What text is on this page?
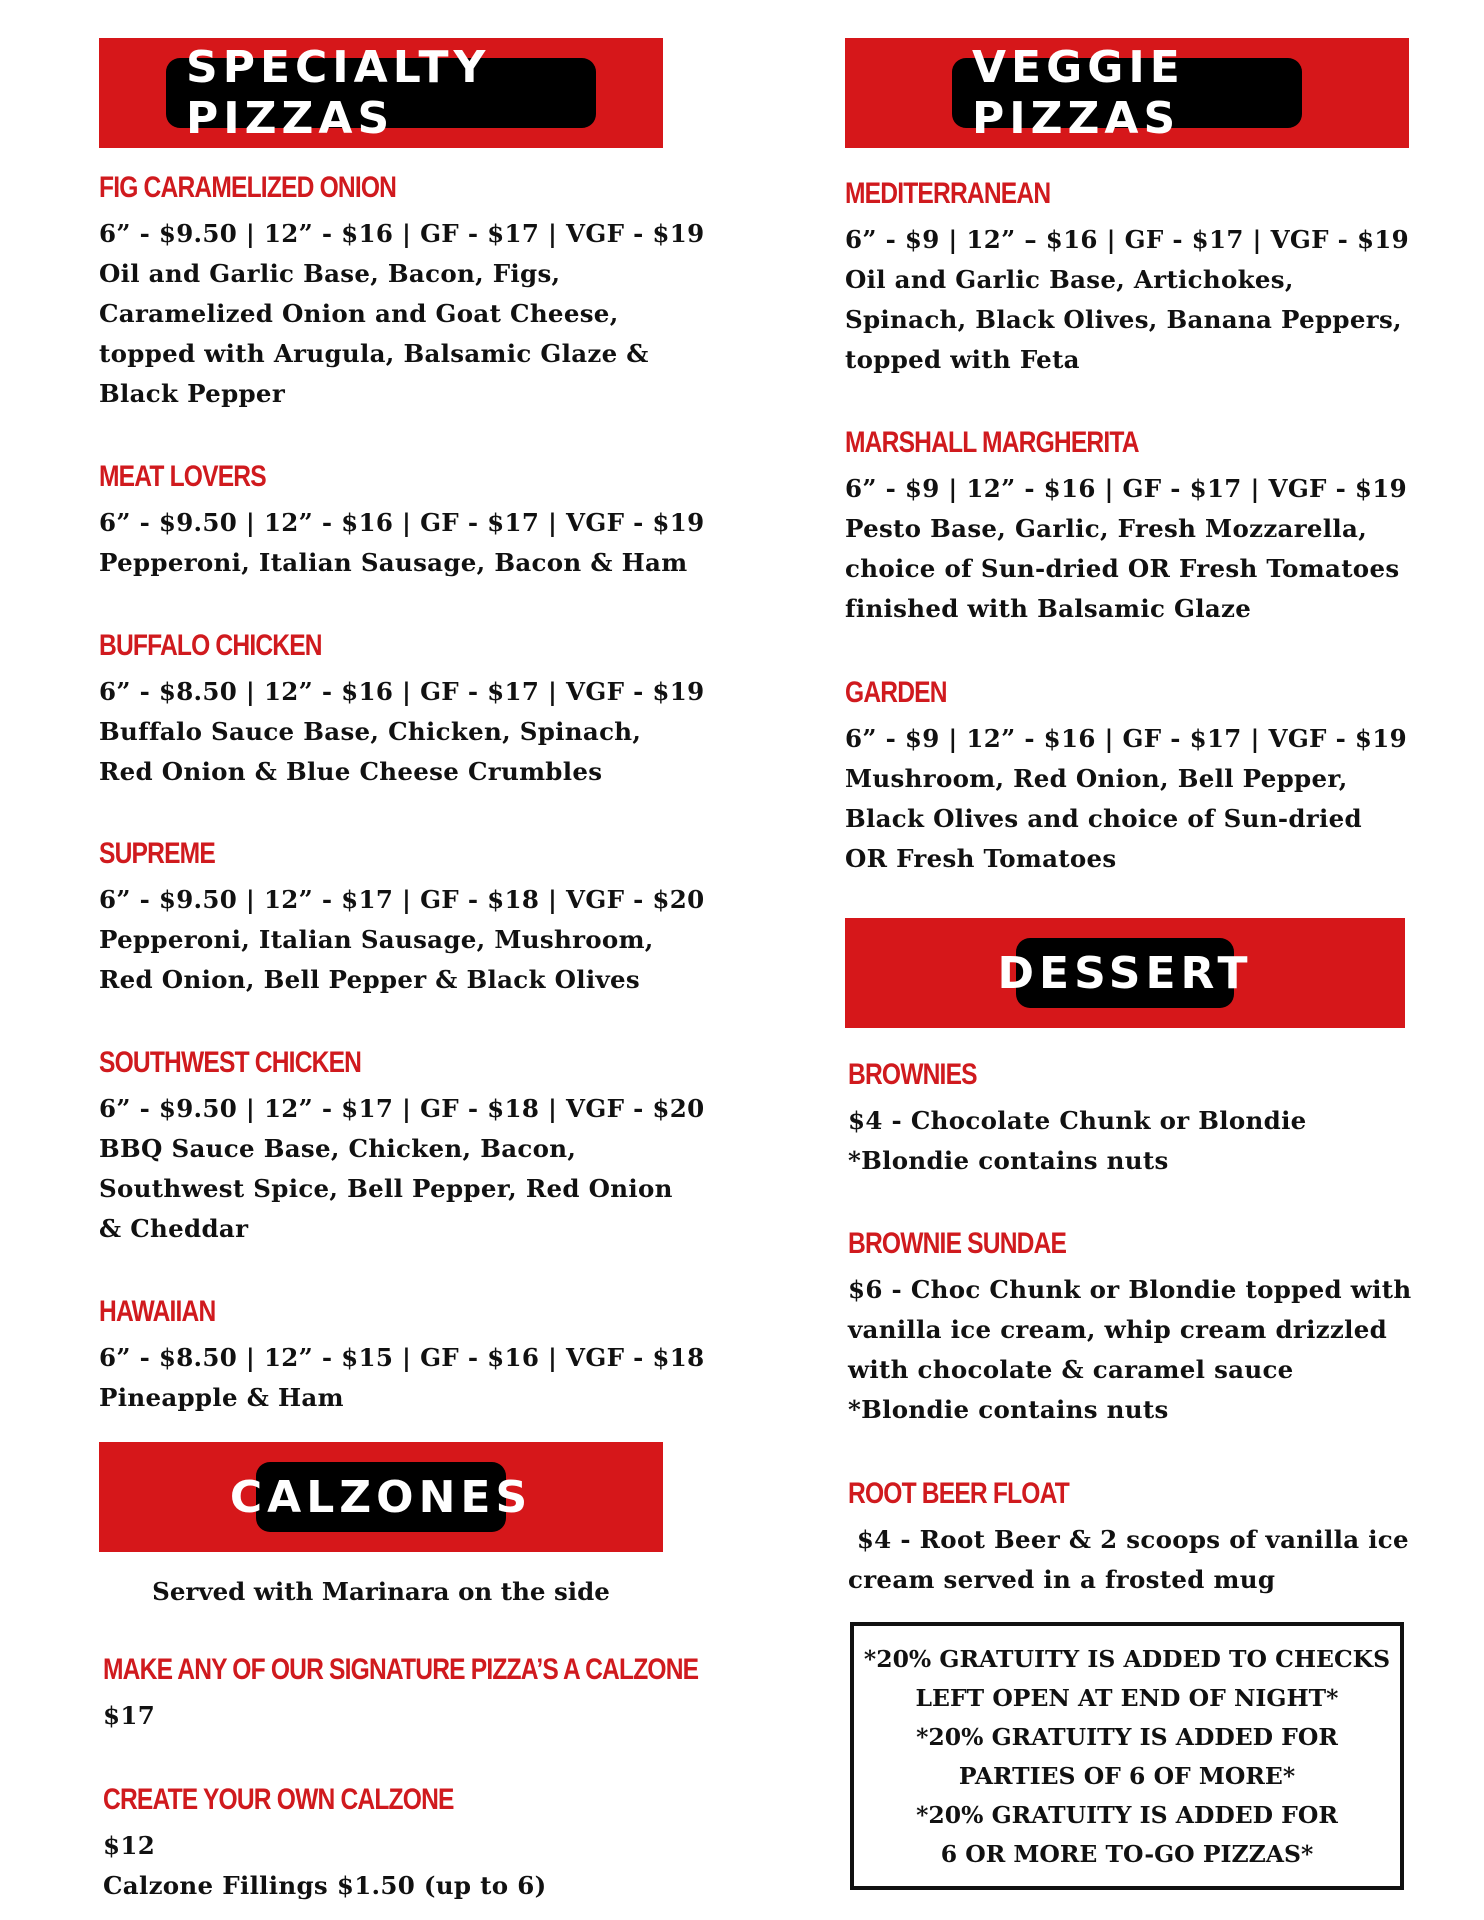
SPECIALTY PIZZAS
VEGGIE PIZZAS
FIG CARAMELIZED ONION
6” - $9.50 | 12” - $16 | GF - $17 | VGF - $19
Oil and Garlic Base, Bacon, Figs,
Caramelized Onion and Goat Cheese,
topped with Arugula, Balsamic Glaze &
Black Pepper
MEAT LOVERS
6” - $9.50 | 12” - $16 | GF - $17 | VGF - $19
Pepperoni, Italian Sausage, Bacon & Ham
BUFFALO CHICKEN
6” - $8.50 | 12” - $16 | GF - $17 | VGF - $19
Buffalo Sauce Base, Chicken, Spinach,
Red Onion & Blue Cheese Crumbles
SUPREME
6” - $9.50 | 12” - $17 | GF - $18 | VGF - $20
Pepperoni, Italian Sausage, Mushroom,
Red Onion, Bell Pepper & Black Olives
SOUTHWEST CHICKEN
6” - $9.50 | 12” - $17 | GF - $18 | VGF - $20
BBQ Sauce Base, Chicken, Bacon,
Southwest Spice, Bell Pepper, Red Onion
& Cheddar
HAWAIIAN
6” - $8.50 | 12” - $15 | GF - $16 | VGF - $18
Pineapple & Ham
CALZONES
Served with Marinara on the side
MAKE ANY OF OUR SIGNATURE PIZZA’S A CALZONE
$17
CREATE YOUR OWN CALZONE
$12
Calzone Fillings $1.50 (up to 6)
MEDITERRANEAN
6” - $9 | 12” – $16 | GF - $17 | VGF - $19
Oil and Garlic Base, Artichokes,
Spinach, Black Olives, Banana Peppers,
topped with Feta
MARSHALL MARGHERITA
6” - $9 | 12” - $16 | GF - $17 | VGF - $19
Pesto Base, Garlic, Fresh Mozzarella,
choice of Sun-dried OR Fresh Tomatoes
finished with Balsamic Glaze
GARDEN
6” - $9 | 12” - $16 | GF - $17 | VGF - $19
Mushroom, Red Onion, Bell Pepper,
Black Olives and choice of Sun-dried
OR Fresh Tomatoes
DESSERT
BROWNIES
$4 - Chocolate Chunk or Blondie
*Blondie contains nuts
BROWNIE SUNDAE
$6 - Choc Chunk or Blondie topped with
vanilla ice cream, whip cream drizzled
with chocolate & caramel sauce
*Blondie contains nuts
ROOT BEER FLOAT
$4 - Root Beer & 2 scoops of vanilla ice
cream served in a frosted mug
*20% GRATUITY IS ADDED TO CHECKS
LEFT OPEN AT END OF NIGHT*
*20% GRATUITY IS ADDED FOR
PARTIES OF 6 OF MORE*
*20% GRATUITY IS ADDED FOR
6 OR MORE TO-GO PIZZAS*
